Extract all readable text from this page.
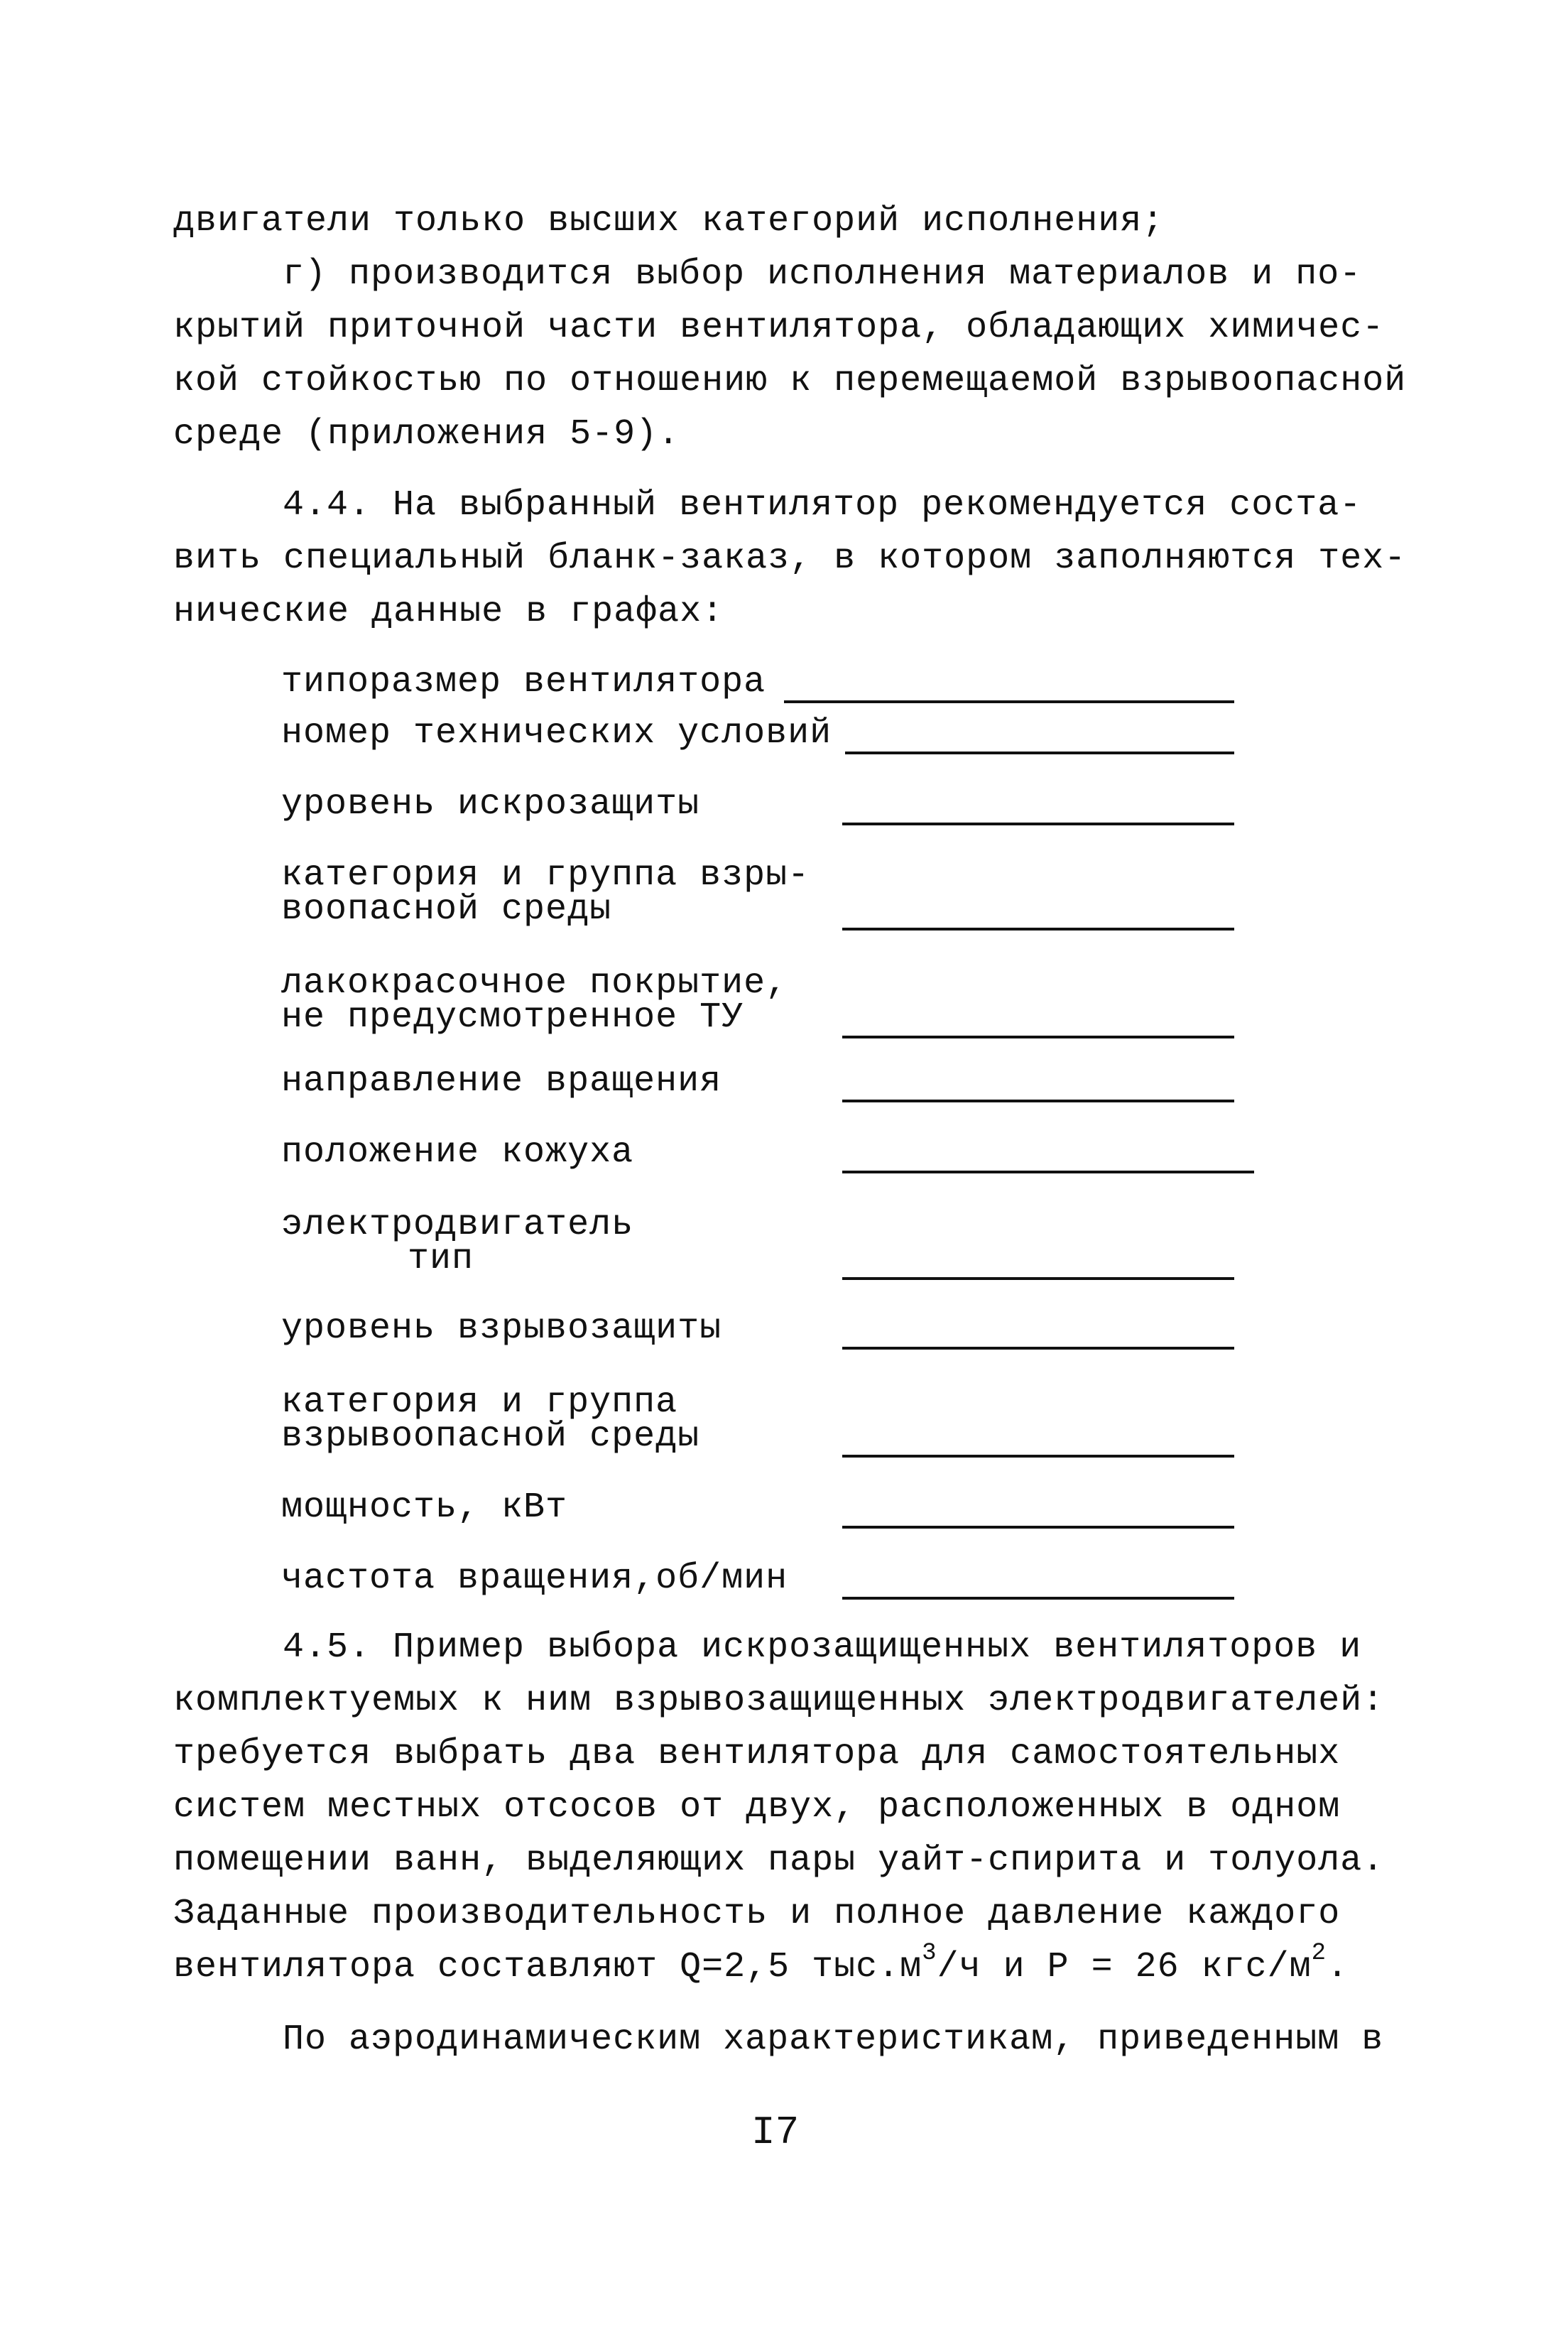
двигатели только высших категорий исполнения;
г) производится выбор исполнения материалов и по-
крытий приточной части вентилятора, обладающих химичес-
кой стойкостью по отношению к перемещаемой взрывоопасной
среде (приложения 5-9).
4.4. На выбранный вентилятор рекомендуется соста-
вить специальный бланк-заказ, в котором заполняются тех-
нические данные в графах:
типоразмер вентилятора
номер технических условий
уровень искрозащиты
категория и группа взры-
воопасной среды
лакокрасочное покрытие,
не предусмотренное ТУ
направление вращения
положение кожуха
электродвигатель
тип
уровень взрывозащиты
категория и группа
взрывоопасной среды
мощность, кВт
частота вращения,об/мин
4.5. Пример выбора искрозащищенных вентиляторов и
комплектуемых к ним взрывозащищенных электродвигателей:
требуется выбрать два вентилятора для самостоятельных
систем местных отсосов от двух, расположенных в одном
помещении ванн, выделяющих пары уайт-спирита и толуола.
Заданные производительность и полное давление каждого
вентилятора составляют Q=2,5 $тыс.м^3/ч$ и Р = 26 кгс/$м^2$.
По аэродинамическим характеристикам, приведенным в
I7
